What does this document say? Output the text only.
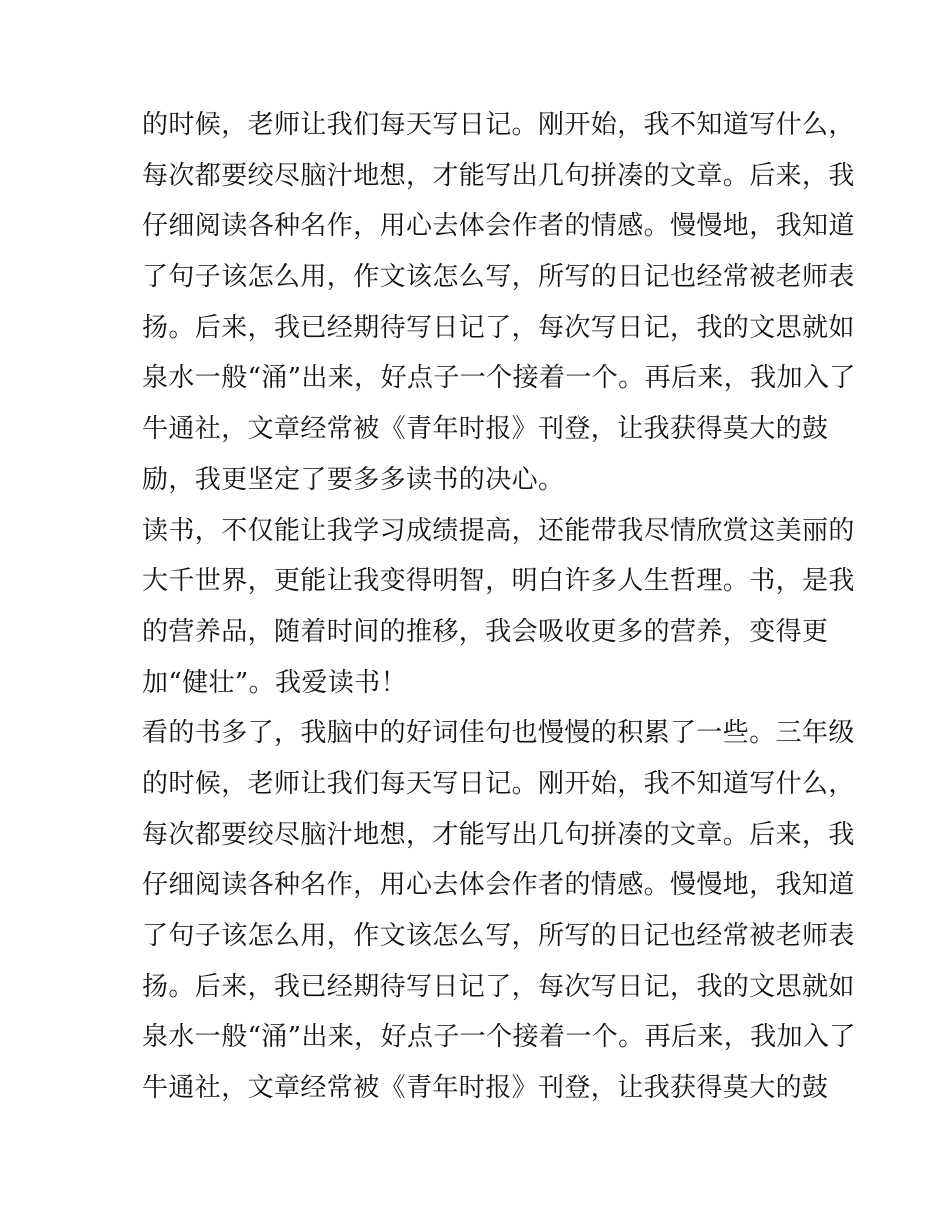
的时候，老师让我们每天写日记。刚开始，我不知道写什么，
每次都要绞尽脑汁地想，才能写出几句拼凑的文章。后来，我
仔细阅读各种名作，用心去体会作者的情感。慢慢地，我知道
了句子该怎么用，作文该怎么写，所写的日记也经常被老师表
扬。后来，我已经期待写日记了，每次写日记，我的文思就如
泉水一般“涌”出来，好点子一个接着一个。再后来，我加入了
牛通社，文章经常被《青年时报》刊登，让我获得莫大的鼓
励，我更坚定了要多多读书的决心。
读书，不仅能让我学习成绩提高，还能带我尽情欣赏这美丽的
大千世界，更能让我变得明智，明白许多人生哲理。书，是我
的营养品，随着时间的推移，我会吸收更多的营养，变得更
加“健壮”。我爱读书！
看的书多了，我脑中的好词佳句也慢慢的积累了一些。三年级
的时候，老师让我们每天写日记。刚开始，我不知道写什么，
每次都要绞尽脑汁地想，才能写出几句拼凑的文章。后来，我
仔细阅读各种名作，用心去体会作者的情感。慢慢地，我知道
了句子该怎么用，作文该怎么写，所写的日记也经常被老师表
扬。后来，我已经期待写日记了，每次写日记，我的文思就如
泉水一般“涌”出来，好点子一个接着一个。再后来，我加入了
牛通社，文章经常被《青年时报》刊登，让我获得莫大的鼓
